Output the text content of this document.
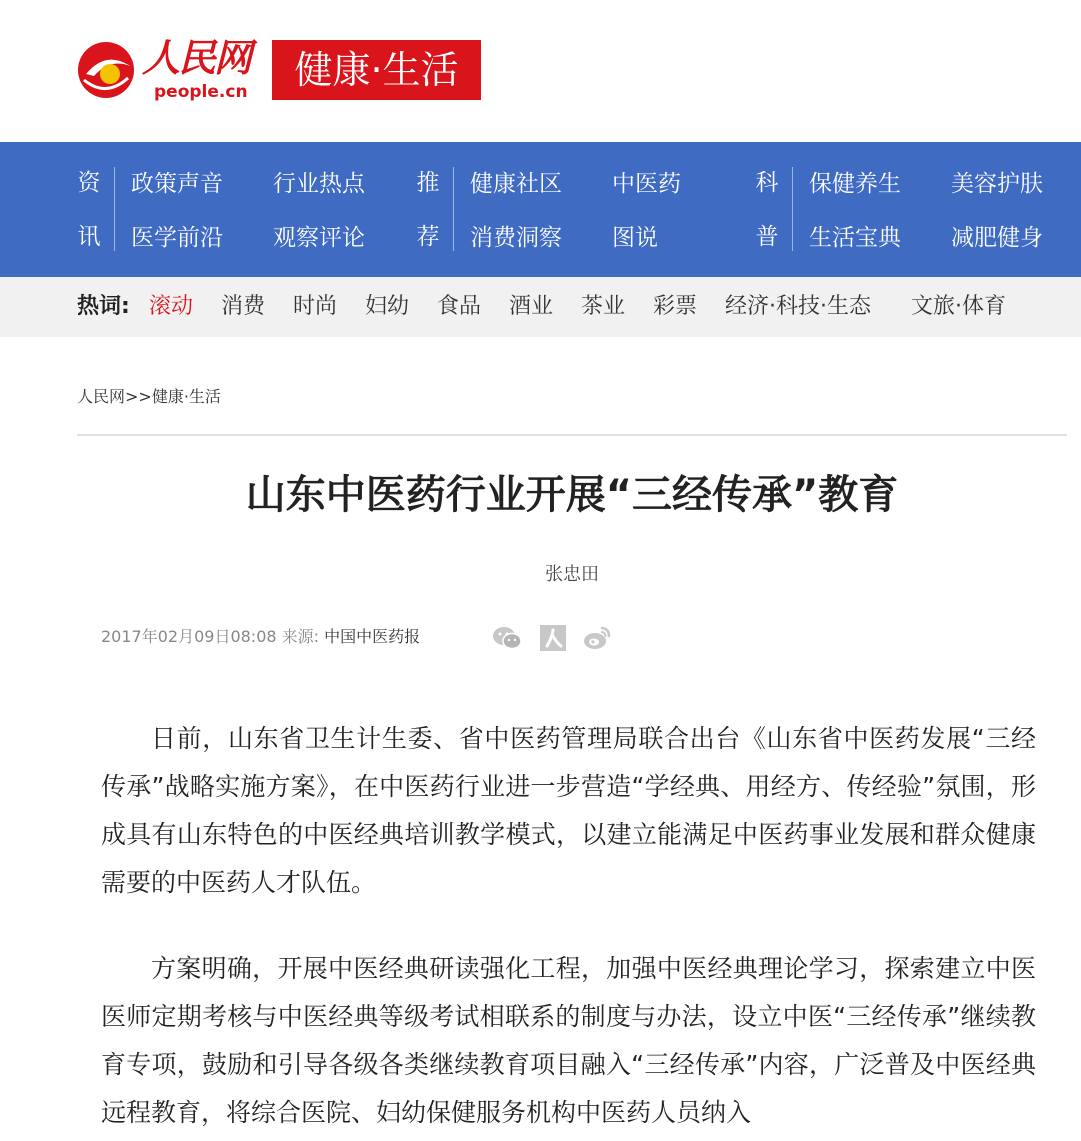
人民网
people.cn	健康·生活
资
讯
政策声音 行业热点
医学前沿 观察评论
推
荐
健康社区 中医药
消费洞察 图说
科
普
保健养生 美容护肤
生活宝典 减肥健身
热词: 滚动 消费 时尚 妇幼 食品 酒业 茶业 彩票 经济·科技·生态 文旅·体育
人民网>>健康·生活
山东中医药行业开展“三经传承”教育
张忠田
2017年02月09日08:08 来源: 中国中医药报

日前，山东省卫生计生委、省中医药管理局联合出台《山东省中医药发展“三经传承”战略实施方案》，在中医药行业进一步营造“学经典、用经方、传经验”氛围，形成具有山东特色的中医经典培训教学模式，以建立能满足中医药事业发展和群众健康需要的中医药人才队伍。

方案明确，开展中医经典研读强化工程，加强中医经典理论学习，探索建立中医医师定期考核与中医经典等级考试相联系的制度与办法，设立中医“三经传承”继续教育专项，鼓励和引导各级各类继续教育项目融入“三经传承”内容，广泛普及中医经典远程教育，将综合医院、妇幼保健服务机构中医药人员纳入
